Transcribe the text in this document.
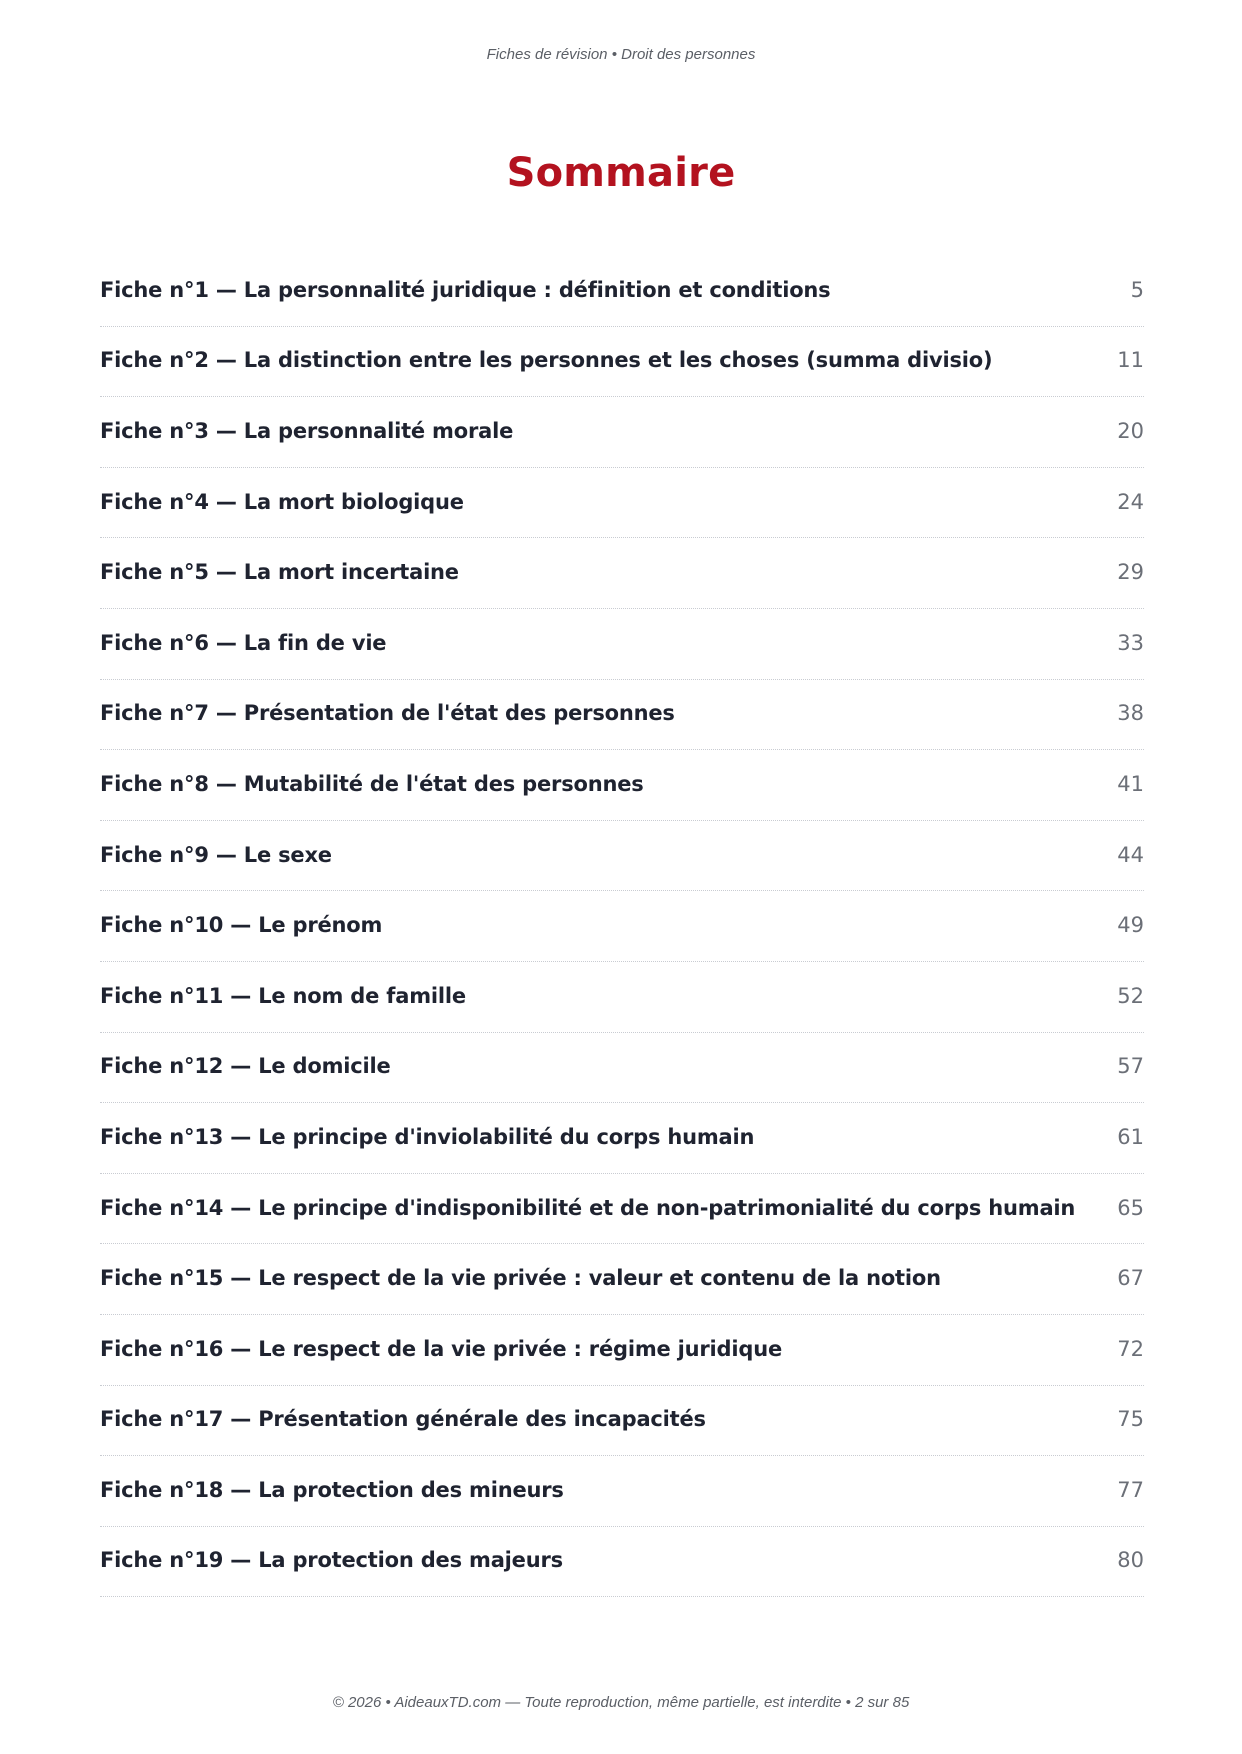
Fiches de révision • Droit des personnes
Sommaire
Fiche n°1 — La personnalité juridique : définition et conditions	5
Fiche n°2 — La distinction entre les personnes et les choses (summa divisio)	11
Fiche n°3 — La personnalité morale	20
Fiche n°4 — La mort biologique	24
Fiche n°5 — La mort incertaine	29
Fiche n°6 — La fin de vie	33
Fiche n°7 — Présentation de l'état des personnes	38
Fiche n°8 — Mutabilité de l'état des personnes	41
Fiche n°9 — Le sexe	44
Fiche n°10 — Le prénom	49
Fiche n°11 — Le nom de famille	52
Fiche n°12 — Le domicile	57
Fiche n°13 — Le principe d'inviolabilité du corps humain	61
Fiche n°14 — Le principe d'indisponibilité et de non-patrimonialité du corps humain 65
Fiche n°15 — Le respect de la vie privée : valeur et contenu de la notion	67
Fiche n°16 — Le respect de la vie privée : régime juridique	72
Fiche n°17 — Présentation générale des incapacités	75
Fiche n°18 — La protection des mineurs	77
Fiche n°19 — La protection des majeurs	80
© 2026 • AideauxTD.com — Toute reproduction, même partielle, est interdite • 2 sur 85
